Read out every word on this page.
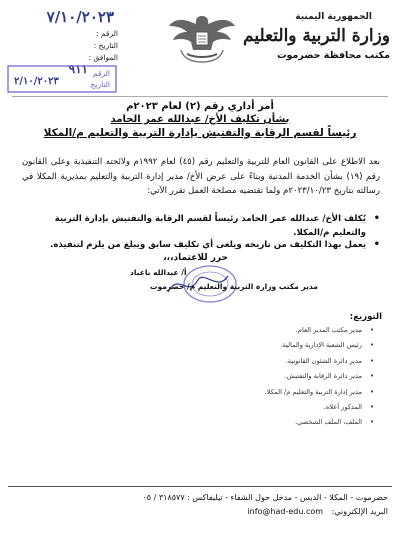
الجمهورية اليمنية
وزارة التربية والتعليم
مكتب محافظة حضرموت
٧/١٠/٢٠٢٣
الرقم :
التاريخ :
الموافق :
٩١١ الرقم
التاريخ
٢/١٠/٢٠٢٣
أمر أداري رقم (٢) لعام ٢٠٢٣م
بشأن تكليف الأخ/ عبدالله عمر الحامد
رئيساً لقسم الرقابة والتفتيش بإدارة التربية والتعليم م/المكلا
بعد الاطلاع على القانون العام للتربية والتعليم رقم (٤٥) لعام ١٩٩٢م ولائحته التنفيذية وعلى القانون رقم (١٩) بشأن الخدمة المدنية وبناءً على عرض الأخ/ مدير إدارة التربية والتعليم بمديرية المكلا في رسالته بتاريخ ٢٠٢٣/١٠/٢٣م ولما تقتضيه مصلحة العمل تقرر الآتي:
•
يُكلف الأخ/ عبدالله عمر الحامد رئيساً لقسم الرقابة والتفتيش بإدارة التربية والتعليم م/المكلا.
•
يعمل بهذا التكليف من تاريخه ويلغى أي تكليف سابق ويبلغ من يلزم لتنفيذه.
حرر للاعتماد،،،
أ/ عبدالله باعباد
مدير مكتب وزارة التربية والتعليم م/ حضرموت
التوزيع:
•
مدير مكتب المدير العام.
•
رئيس الشعبة الإدارية والمالية.
•
مدير دائرة الشئون القانونية.
•
مدير دائرة الرقابة والتفتيش.
•
مدير إدارة التربية والتعليم م/ المكلا.
•
المذكور أعلاه.
•
الملف، الملف الشخصي.
حضرموت - المكلا - الديس - مدخل حول الشفاء - تيليفاكس : ٣١٨٥٧٧ / ٠٥
البريد الإلكتروني: info@had-edu.com
